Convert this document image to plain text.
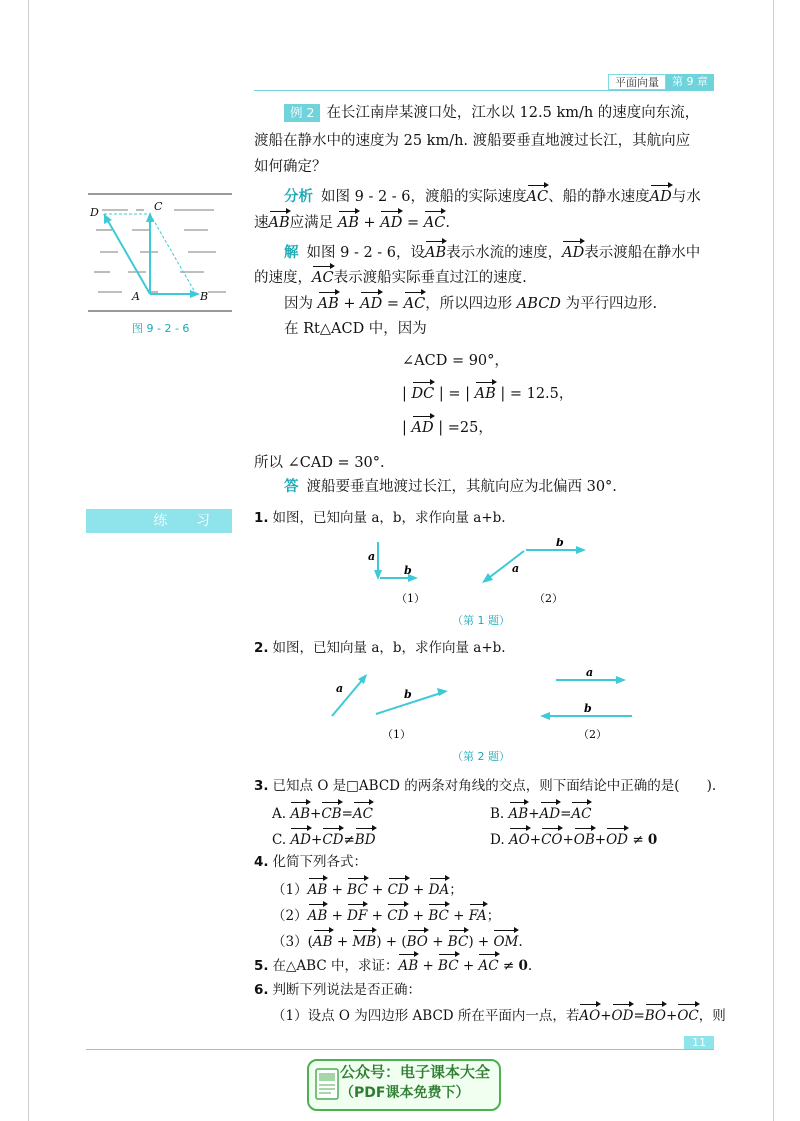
平面向量	第 9 章
例 2 在长江南岸某渡口处，江水以 12.5 km/h 的速度向东流，
渡船在静水中的速度为 25 km/h. 渡船要垂直地渡过长江，其航向应
如何确定？
分析 如图 9 - 2 - 6，渡船的实际速度AC、船的静水速度AD与水
速AB应满足 AB + AD = AC.
解 如图 9 - 2 - 6，设AB表示水流的速度，AD表示渡船在静水中
的速度，AC表示渡船实际垂直过江的速度.
因为 AB + AD = AC，所以四边形 ABCD 为平行四边形.
在 Rt△ACD 中，因为
∠ACD = 90°，
| DC | = | AB | = 12.5，
| AD | =25，
所以 ∠CAD = 30°.
答 渡船要垂直地渡过长江，其航向应为北偏西 30°.
D	C
A	B
图 9 - 2 - 6
练 习	1. 如图，已知向量 a，b，求作向量 a+b.
a
b
b
a
（1）	（2）
（第 1 题）
2. 如图，已知向量 a，b，求作向量 a+b.
a	b
a
b
（1）	（2）
（第 2 题）
3. 已知点 O 是□ABCD 的两条对角线的交点，则下面结论中正确的是(　　).
A. AB+CB=AC	B. AB+AD=AC
C. AD+CD≠BD	D. AO+CO+OB+OD ≠ 0
4. 化简下列各式：
（1）AB + BC + CD + DA；
（2）AB + DF + CD + BC + FA；
（3）(AB + MB) + (BO + BC) + OM.
5. 在△ABC 中，求证：AB + BC + AC ≠ 0.
6. 判断下列说法是否正确：
（1）设点 O 为四边形 ABCD 所在平面内一点，若AO+OD=BO+OC，则
11
公众号：电子课本大全
（PDF课本免费下）
